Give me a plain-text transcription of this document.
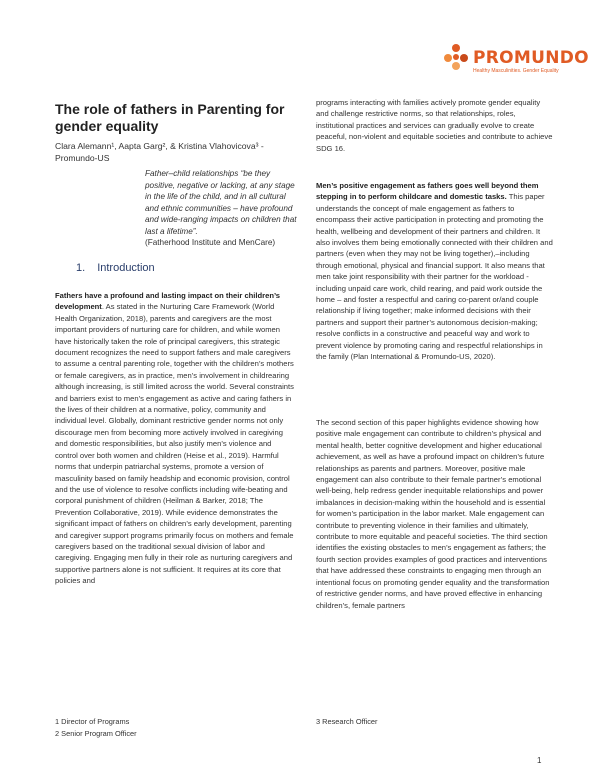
PROMUNDO
Healthy Masculinities. Gender Equality
The role of fathers in Parenting for gender equality
Clara Alemann¹, Aapta Garg², & Kristina Vlahovicova³ - Promundo-US
Father–child relationships “be they positive, negative or lacking, at any stage in the life of the child, and in all cultural and ethnic communities – have profound and wide-ranging impacts on children that last a lifetime”.
(Fatherhood Institute and MenCare)
1. Introduction

Fathers have a profound and lasting impact on their children’s development. As stated in the Nurturing Care Framework (World Health Organization, 2018), parents and caregivers are the most important providers of nurturing care for children, and while women have historically taken the role of principal caregivers, this strategic document recognizes the need to support fathers and male caregivers to assume a central parenting role, together with the children’s mothers or female caregivers, as in practice, men’s involvement in childrearing although increasing, is still limited across the world. Several constraints and barriers exist to men’s engagement as active and caring fathers in the lives of their children at a normative, policy, community and individual level. Globally, dominant restrictive gender norms not only discourage men from becoming more actively involved in caregiving and domestic responsibilities, but also justify men’s violence and control over both women and children (Heise et al., 2019). Harmful norms that underpin patriarchal systems, promote a version of masculinity based on family headship and economic provision, control and the use of violence to resolve conflicts including wife-beating and corporal punishment of children (Heilman & Barker, 2018; The Prevention Collaborative, 2019). While evidence demonstrates the significant impact of fathers on children’s early development, parenting and caregiver support programs primarily focus on mothers and female caregivers based on the traditional sexual division of labor and caregiving. Engaging men fully in their role as nurturing caregivers and supportive partners alone is not sufficient. It requires at its core that policies and

programs interacting with families actively promote gender equality and challenge restrictive norms, so that relationships, roles, institutional practices and services can gradually evolve to create peaceful, non-violent and equitable societies and contribute to achieve SDG 16.

Men’s positive engagement as fathers goes well beyond them stepping in to perform childcare and domestic tasks. This paper understands the concept of male engagement as fathers to encompass their active participation in protecting and promoting the health, wellbeing and development of their partners and children. It also involves them being emotionally connected with their children and partners (even when they may not be living together),–including through emotional, physical and financial support. It also means that men take joint responsibility with their partner for the workload -including unpaid care work, child rearing, and paid work outside the home – and foster a respectful and caring co-parent or/and couple relationship if living together; make informed decisions with their partners and support their partner’s autonomous decision-making; resolve conflicts in a constructive and peaceful way and work to prevent violence by promoting caring and respectful relationships in the family (Plan International & Promundo-US, 2020).

The second section of this paper highlights evidence showing how positive male engagement can contribute to children’s physical and mental health, better cognitive development and higher educational achievement, as well as have a profound impact on children’s future relationships as parents and partners. Moreover, positive male engagement can also contribute to their female partner’s emotional well-being, help redress gender inequitable relationships and power imbalances in decision-making within the household and is essential for women’s participation in the labor market. Male engagement can contribute to preventing violence in their families and ultimately, contribute to more equitable and peaceful societies. The third section identifies the existing obstacles to men’s engagement as fathers; the fourth section provides examples of good practices and interventions that have addressed these constraints to engaging men through an intentional focus on promoting gender equality and the transformation of restrictive gender norms, and have proved effective in enhancing children’s, female partners

1 Director of Programs
2 Senior Program Officer
3 Research Officer
1
